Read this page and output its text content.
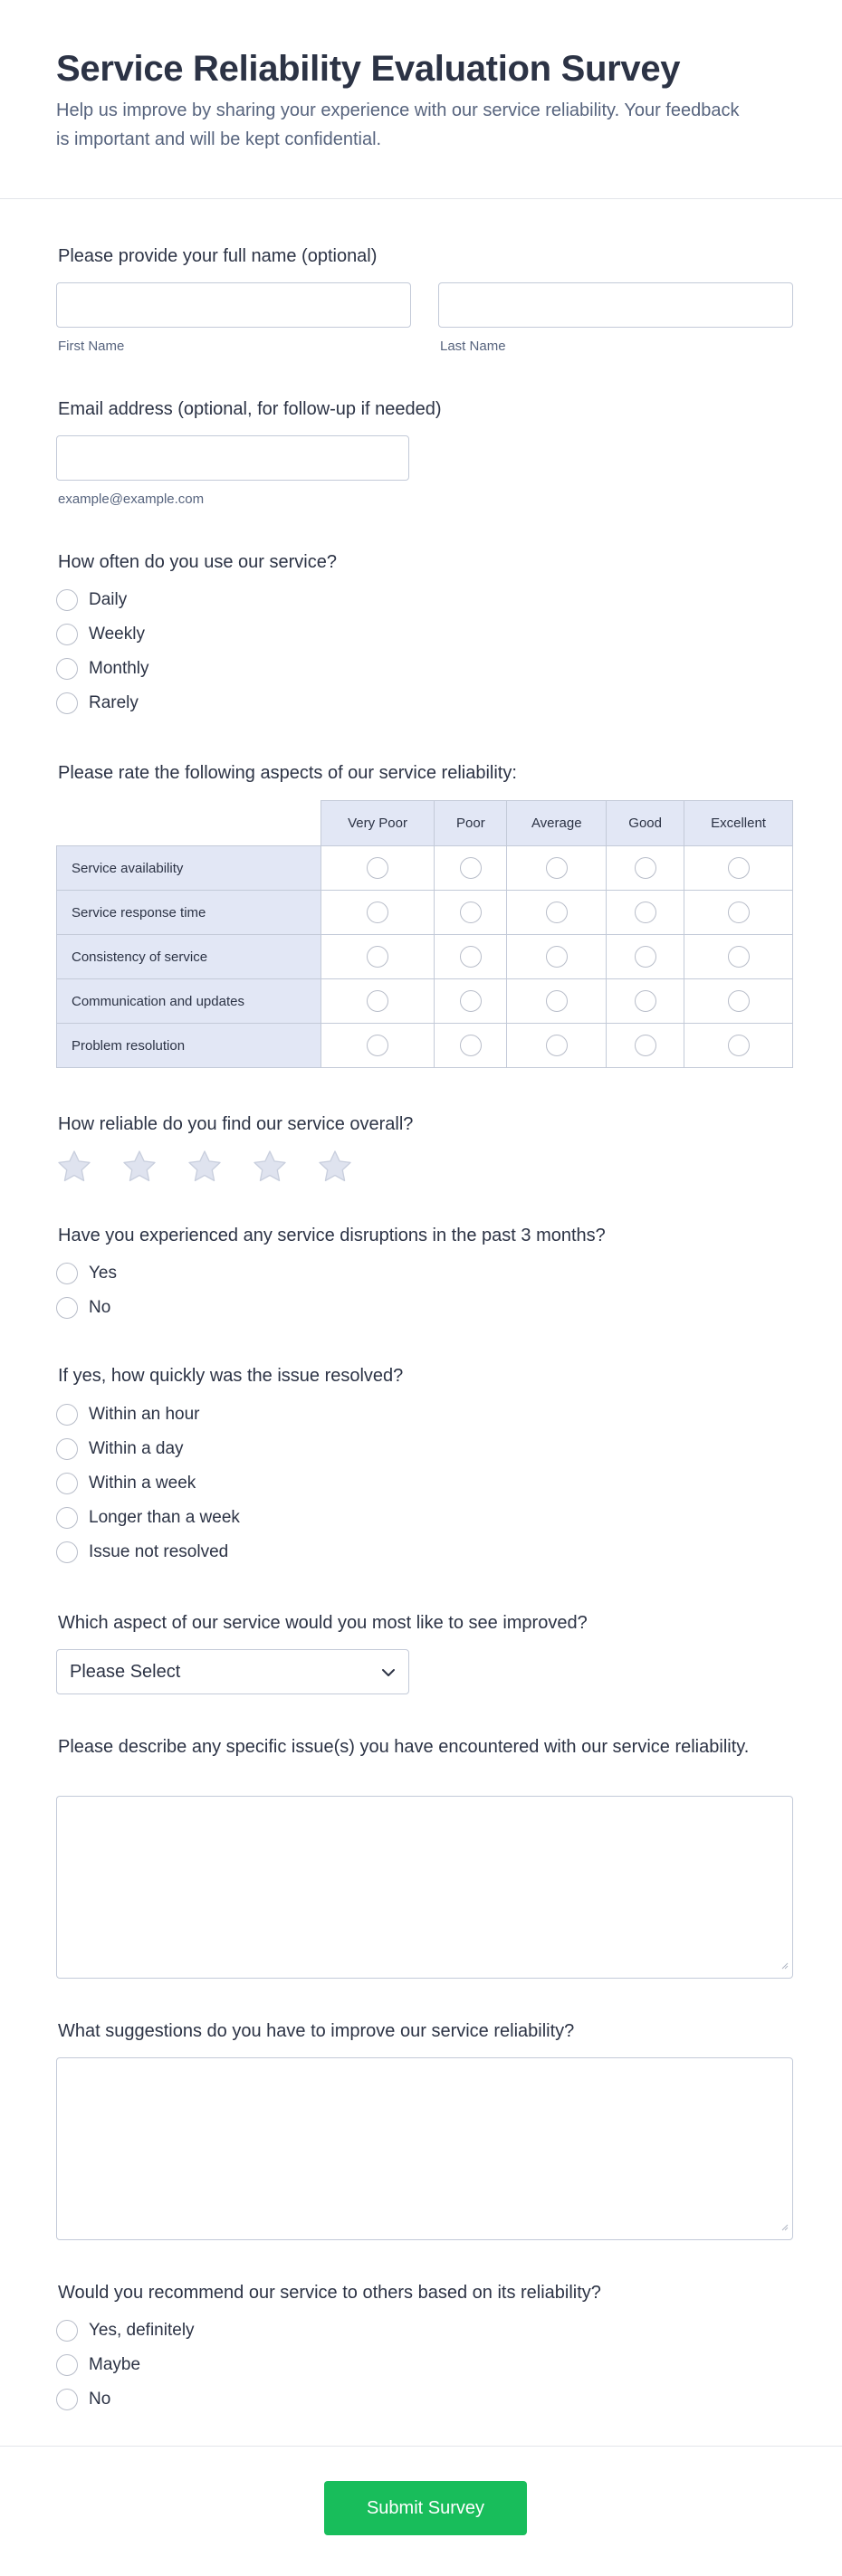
Service Reliability Evaluation Survey

Help us improve by sharing your experience with our service reliability. Your feedback is important and will be kept confidential.

Please provide your full name (optional)
First Name	Last Name
Email address (optional, for follow-up if needed)
example@example.com
How often do you use our service?
Daily
Weekly
Monthly
Rarely
Please rate the following aspects of our service reliability:
	Very Poor	Poor	Average	Good	Excellent
Service availability					
Service response time					
Consistency of service					
Communication and updates					
Problem resolution					
How reliable do you find our service overall?
Have you experienced any service disruptions in the past 3 months?
Yes
No
If yes, how quickly was the issue resolved?
Within an hour
Within a day
Within a week
Longer than a week
Issue not resolved
Which aspect of our service would you most like to see improved?
Please Select
Please describe any specific issue(s) you have encountered with our service reliability.
What suggestions do you have to improve our service reliability?
Would you recommend our service to others based on its reliability?
Yes, definitely
Maybe
No
Submit Survey
